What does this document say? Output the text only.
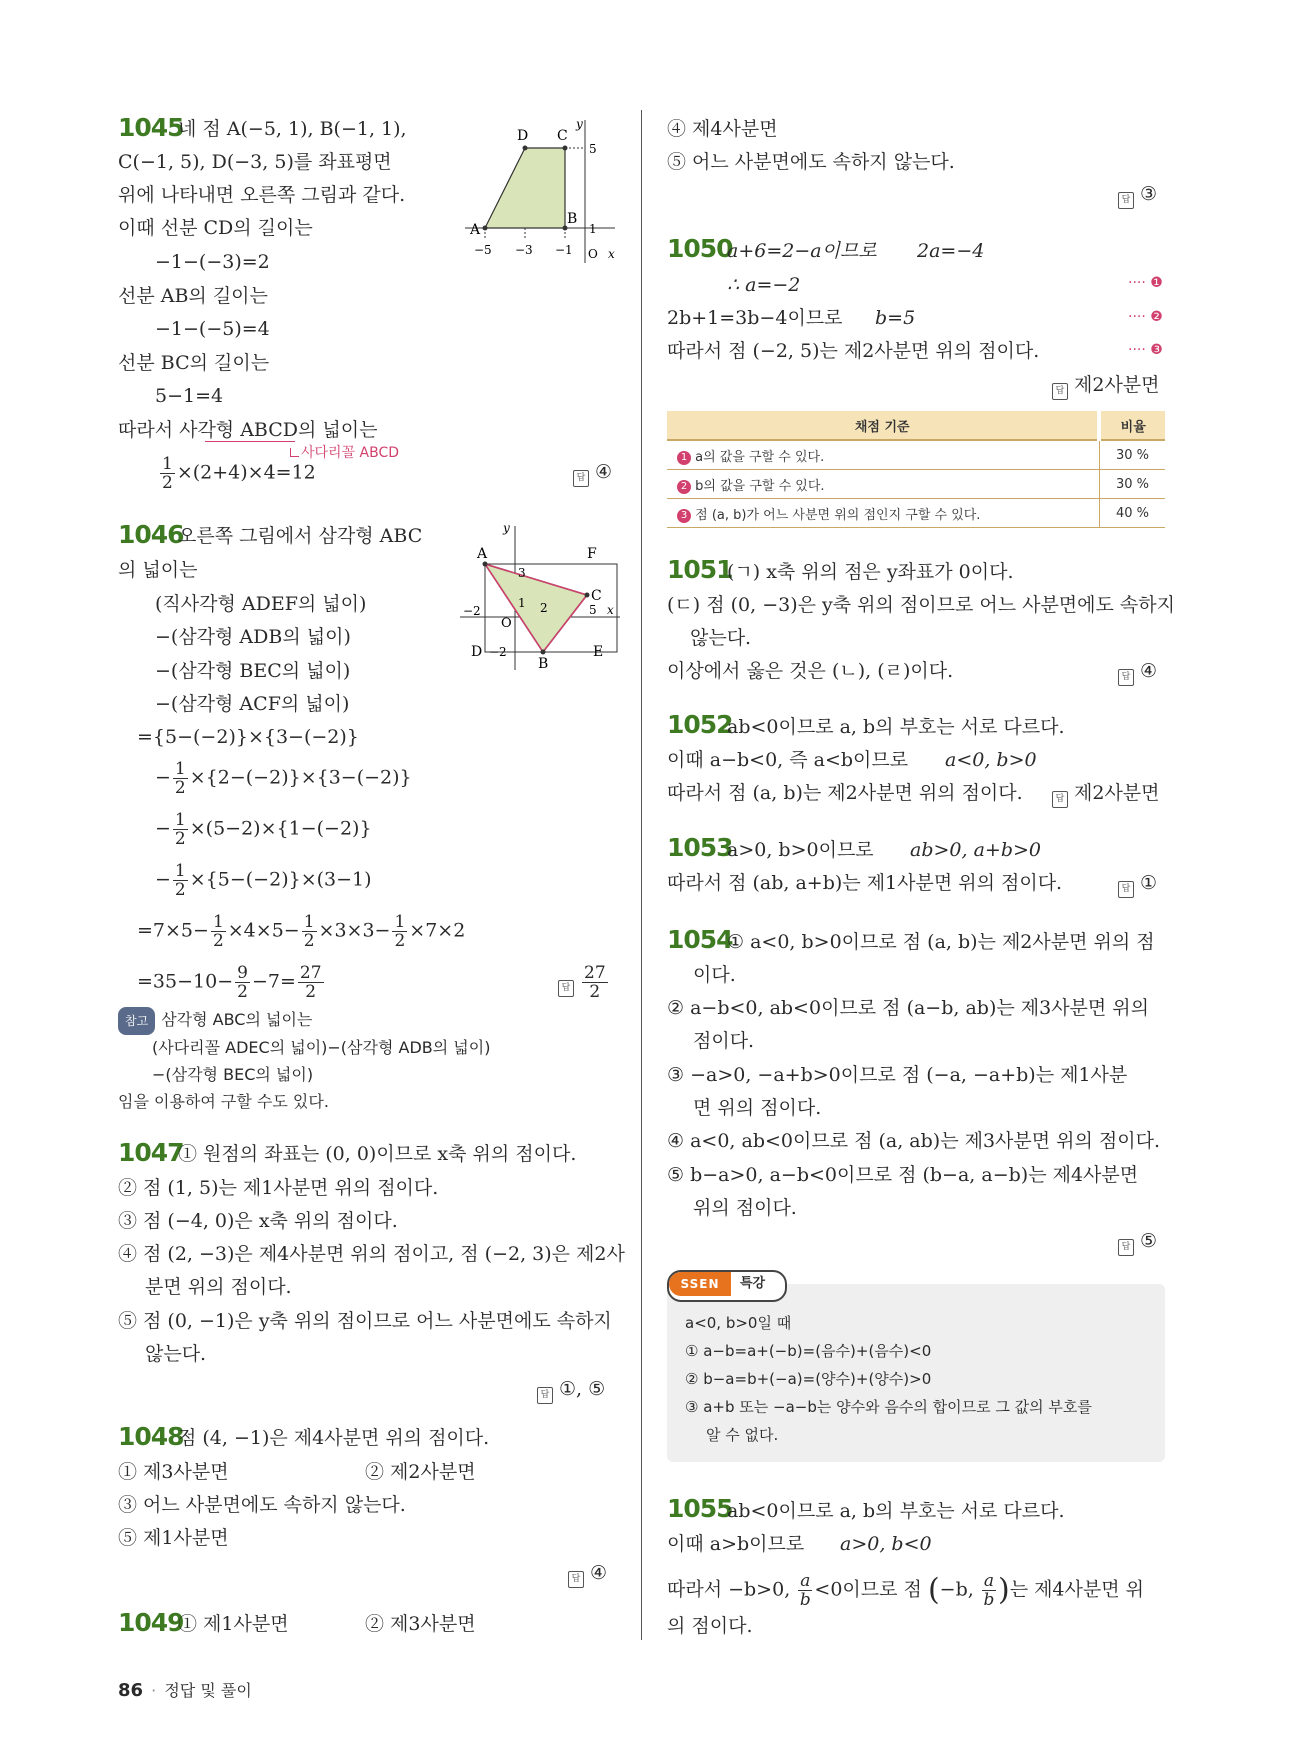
1045
네 점 A(−5, 1), B(−1, 1),
C(−1, 5), D(−3, 5)를 좌표평면
위에 나타내면 오른쪽 그림과 같다.
이때 선분 CD의 길이는
−1−(−3)=2
선분 AB의 길이는
−1−(−5)=4
선분 BC의 길이는
5−1=4
따라서 사각형 ABCD의 넓이는
사다리꼴 ABCD
$\frac{1}{2} \times(2+4)\times 4=12$	답 ④
D C
A
B
y
x
O
5
1
−5 −3 −1
1046
오른쪽 그림에서 삼각형 ABC
의 넓이는
(직사각형 ADEF의 넓이)
−(삼각형 ADB의 넓이)
−(삼각형 BEC의 넓이)
−(삼각형 ACF의 넓이)
={5−(−2)}×{3−(−2)}
− $\frac{1}{2} \times\{2-(-2)\}\times\{3-(-2)\}$
− $\frac{1}{2} \times(5-2)\times\{1-(-2)\}$
− $\frac{1}{2} \times\{5-(-2)\}\times(3-1)$
$=7\times 5- \frac{1}{2} \times 4\times 5- \frac{1}{2} \times 3\times 3- \frac{1}{2} \times 7\times 2$
$=35-10- \frac{9}{2} -7= \frac{27}{2}$	답 $\frac{27}{2}$
참고 삼각형 ABC의 넓이는
(사다리꼴 ADEC의 넓이)−(삼각형 ADB의 넓이)
−(삼각형 BEC의 넓이)
임을 이용하여 구할 수도 있다.
A	F
C
D
B
E
O
y
x
3
1 2
−2
−2
5
1047
① 원점의 좌표는 (0, 0)이므로 x축 위의 점이다.
② 점 (1, 5)는 제1사분면 위의 점이다.
③ 점 (−4, 0)은 x축 위의 점이다.
④ 점 (2, −3)은 제4사분면 위의 점이고, 점 (−2, 3)은 제2사
분면 위의 점이다.
⑤ 점 (0, −1)은 y축 위의 점이므로 어느 사분면에도 속하지
않는다.
답 ①, ⑤
1048
점 (4, −1)은 제4사분면 위의 점이다.
① 제3사분면	② 제2사분면
③ 어느 사분면에도 속하지 않는다.
⑤ 제1사분면
답 ④
1049
① 제1사분면	② 제3사분면
④ 제4사분면
⑤ 어느 사분면에도 속하지 않는다.
답 ③
1050
a+6=2−a이므로 2a=−4
∴ a=−2	···· ❶
2b+1=3b−4이므로 b=5	···· ❷
따라서 점 (−2, 5)는 제2사분면 위의 점이다.	···· ❸
답 제2사분면
채점 기준	비율
1 a의 값을 구할 수 있다.	30 %
2 b의 값을 구할 수 있다.	30 %
3 점 (a, b)가 어느 사분면 위의 점인지 구할 수 있다.	40 %
1051
(ㄱ) x축 위의 점은 y좌표가 0이다.
(ㄷ) 점 (0, −3)은 y축 위의 점이므로 어느 사분면에도 속하지
않는다.
이상에서 옳은 것은 (ㄴ), (ㄹ)이다.	답 ④
1052
ab<0이므로 a, b의 부호는 서로 다르다.
이때 a−b<0, 즉 a<b이므로 a<0, b>0
따라서 점 (a, b)는 제2사분면 위의 점이다.	답 제2사분면
1053
a>0, b>0이므로 ab>0, a+b>0
따라서 점 (ab, a+b)는 제1사분면 위의 점이다.	답 ①
1054
① a<0, b>0이므로 점 (a, b)는 제2사분면 위의 점
이다.
② a−b<0, ab<0이므로 점 (a−b, ab)는 제3사분면 위의
점이다.
③ −a>0, −a+b>0이므로 점 (−a, −a+b)는 제1사분
면 위의 점이다.
④ a<0, ab<0이므로 점 (a, ab)는 제3사분면 위의 점이다.
⑤ b−a>0, a−b<0이므로 점 (b−a, a−b)는 제4사분면
위의 점이다.
답 ⑤
SSEN	특강
a<0, b>0일 때
① a−b=a+(−b)=(음수)+(음수)<0
② b−a=b+(−a)=(양수)+(양수)>0
③ a+b 또는 −a−b는 양수와 음수의 합이므로 그 값의 부호를
알 수 없다.
1055
ab<0이므로 a, b의 부호는 서로 다르다.
이때 a>b이므로 a>0, b<0
따라서 −b>0, $\frac{a}{b} <0$이므로 점 (−b, $\frac{a}{b}$ )는 제4사분면 위
의 점이다.
86 · 정답 및 풀이
